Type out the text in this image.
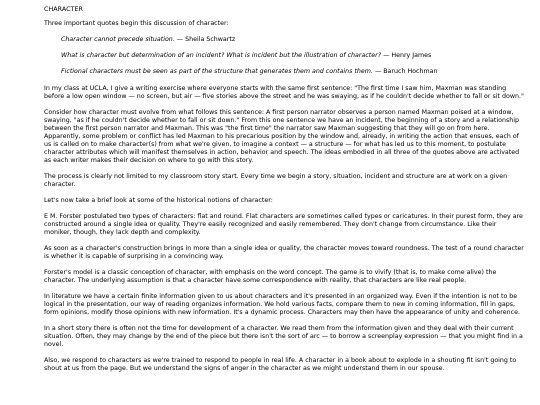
CHARACTER

Three important quotes begin this discussion of character:

Character cannot precede situation. — Sheila Schwartz

What is character but determination of an incident? What is incident but the illustration of character? — Henry James

Fictional characters must be seen as part of the structure that generates them and contains them. — Baruch Hochman

In my class at UCLA, I give a writing exercise where everyone starts with the same first sentence: "The first time I saw him, Maxman was standing before a low open window — no screen, but air — five stories above the street and he was swaying, as if he couldn't decide whether to fall or sit down."

Consider how character must evolve from what follows this sentence: A first person narrator observes a person named Maxman poised at a window, swaying, "as if he couldn't decide whether to fall or sit down." From this one sentence we have an incident, the beginning of a story and a relationship between the first person narrator and Maxman. This was "the first time" the narrator saw Maxman suggesting that they will go on from here. Apparently, some problem or conflict has led Maxman to his precarious position by the window and, already, in writing the action that ensues, each of us is called on to make character(s) from what we're given, to imagine a context — a structure — for what has led us to this moment, to postulate character attributes which will manifest themselves in action, behavior and speech. The ideas embodied in all three of the quotes above are activated as each writer makes their decision on where to go with this story.

The process is clearly not limited to my classroom story start. Every time we begin a story, situation, incident and structure are at work on a given character.

Let's now take a brief look at some of the historical notions of character:

E M. Forster postulated two types of characters: flat and round. Flat characters are sometimes called types or caricatures. In their purest form, they are constructed around a single idea or quality. They're easily recognized and easily remembered. They don't change from circumstance. Like their moniker, though, they lack depth and complexity.

As soon as a character's construction brings in more than a single idea or quality, the character moves toward roundness. The test of a round character is whether it is capable of surprising in a convincing way.

Forster's model is a classic conception of character, with emphasis on the word concept. The game is to vivify (that is, to make come alive) the character. The underlying assumption is that a character have some correspondence with reality, that characters are like real people.

In literature we have a certain finite information given to us about characters and it's presented in an organized way. Even if the intention is not to be logical in the presentation, our way of reading organizes information. We hold various facts, compare them to new in coming information, fill in gaps, form opinions, modify those opinions with new information. It's a dynamic process. Characters may then have the appearance of unity and coherence.

In a short story there is often not the time for development of a character. We read them from the information given and they deal with their current situation. Often, they may change by the end of the piece but there isn't the sort of arc — to borrow a screenplay expression — that you might find in a novel.

Also, we respond to characters as we're trained to respond to people in real life. A character in a book about to explode in a shouting fit isn't going to shout at us from the page. But we understand the signs of anger in the character as we might understand them in our spouse.
